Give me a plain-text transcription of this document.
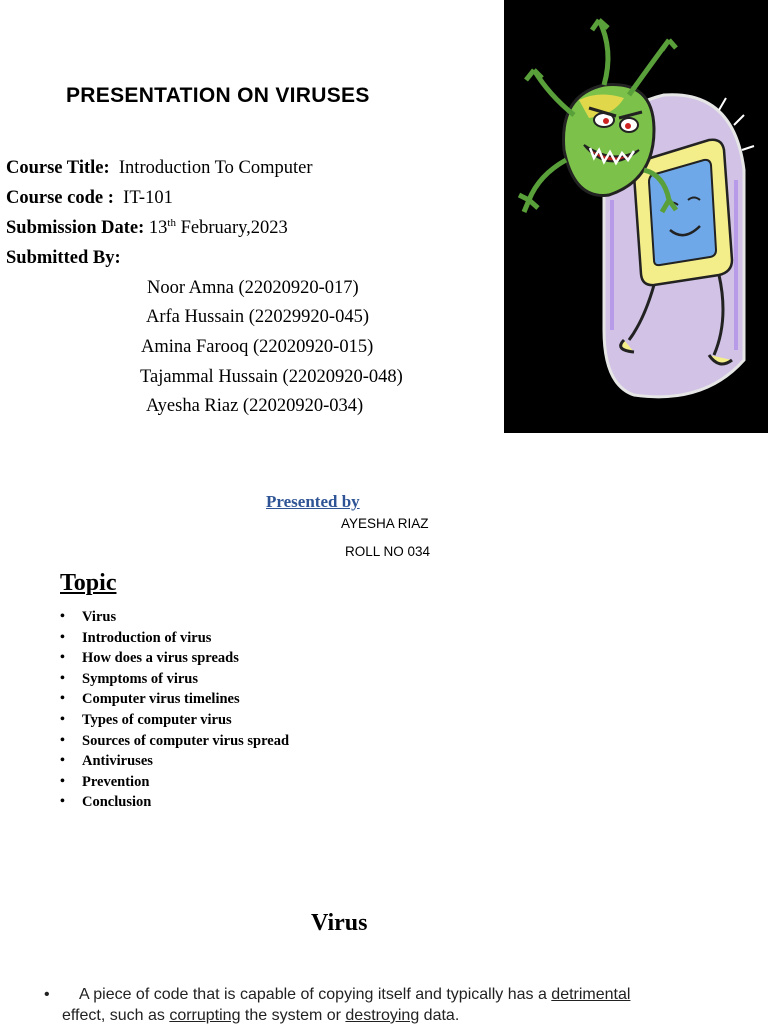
PRESENTATION ON VIRUSES
Course Title: Introduction To Computer
Course code : IT-101
Submission Date: 13th February,2023
Submitted By:
Noor Amna (22020920-017)
Arfa Hussain (22029920-045)
Amina Farooq (22020920-015)
Tajammal Hussain (22020920-048)
Ayesha Riaz (22020920-034)
Presented by
AYESHA RIAZ
ROLL NO 034
Topic
• Virus
• Introduction of virus
• How does a virus spreads
• Symptoms of virus
• Computer virus timelines
• Types of computer virus
• Sources of computer virus spread
• Antiviruses
• Prevention
• Conclusion
Virus
• A piece of code that is capable of copying itself and typically has a detrimental
effect, such as corrupting the system or destroying data.
